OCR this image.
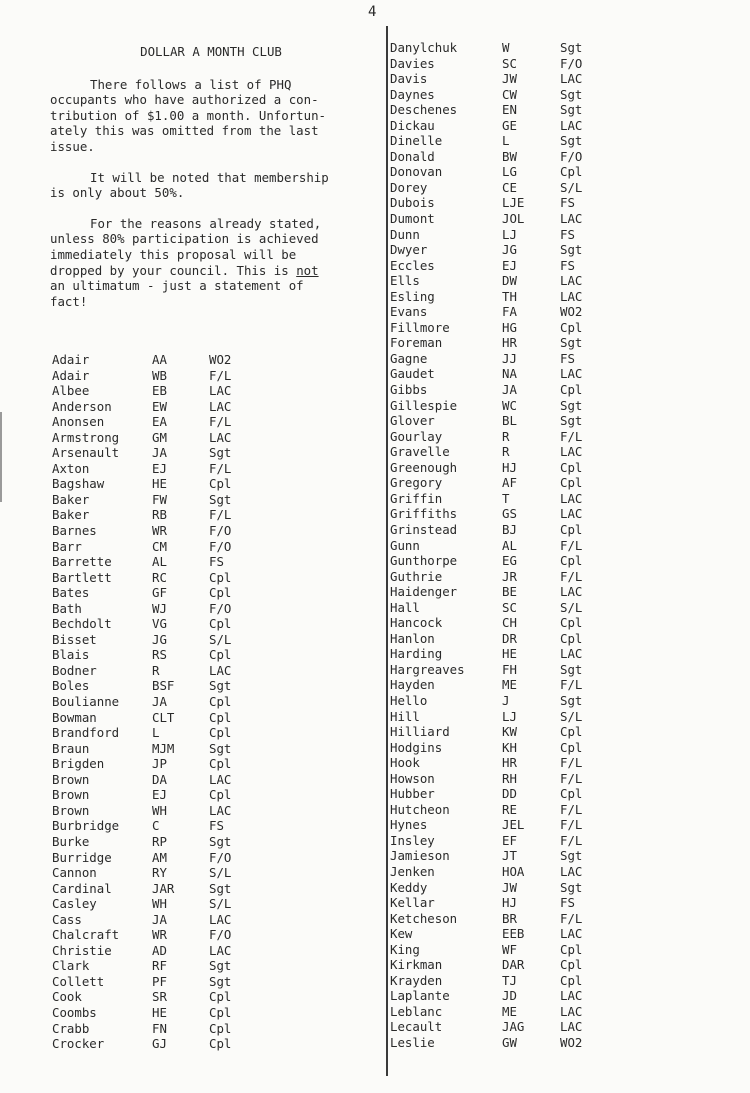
4
DOLLAR A MONTH CLUB
There follows a list of PHQ
occupants who have authorized a con-
tribution of $1.00 a month. Unfortun-
ately this was omitted from the last
issue.
It will be noted that membership
is only about 50%.
For the reasons already stated,
unless 80% participation is achieved
immediately this proposal will be
dropped by your council. This is not
an ultimatum - just a statement of
fact!
Adair	AA	WO2
Adair	WB	F/L
Albee	EB	LAC
Anderson	EW	LAC
Anonsen	EA	F/L
Armstrong	GM	LAC
Arsenault	JA	Sgt
Axton	EJ	F/L
Bagshaw	HE	Cpl
Baker	FW	Sgt
Baker	RB	F/L
Barnes	WR	F/O
Barr	CM	F/O
Barrette	AL	FS
Bartlett	RC	Cpl
Bates	GF	Cpl
Bath	WJ	F/O
Bechdolt	VG	Cpl
Bisset	JG	S/L
Blais	RS	Cpl
Bodner	R	LAC
Boles	BSF	Sgt
Boulianne	JA	Cpl
Bowman	CLT	Cpl
Brandford	L	Cpl
Braun	MJM	Sgt
Brigden	JP	Cpl
Brown	DA	LAC
Brown	EJ	Cpl
Brown	WH	LAC
Burbridge	C	FS
Burke	RP	Sgt
Burridge	AM	F/O
Cannon	RY	S/L
Cardinal	JAR	Sgt
Casley	WH	S/L
Cass	JA	LAC
Chalcraft	WR	F/O
Christie	AD	LAC
Clark	RF	Sgt
Collett	PF	Sgt
Cook	SR	Cpl
Coombs	HE	Cpl
Crabb	FN	Cpl
Crocker	GJ	Cpl
Danylchuk	W	Sgt
Davies	SC	F/O
Davis	JW	LAC
Daynes	CW	Sgt
Deschenes	EN	Sgt
Dickau	GE	LAC
Dinelle	L	Sgt
Donald	BW	F/O
Donovan	LG	Cpl
Dorey	CE	S/L
Dubois	LJE	FS
Dumont	JOL	LAC
Dunn	LJ	FS
Dwyer	JG	Sgt
Eccles	EJ	FS
Ells	DW	LAC
Esling	TH	LAC
Evans	FA	WO2
Fillmore	HG	Cpl
Foreman	HR	Sgt
Gagne	JJ	FS
Gaudet	NA	LAC
Gibbs	JA	Cpl
Gillespie	WC	Sgt
Glover	BL	Sgt
Gourlay	R	F/L
Gravelle	R	LAC
Greenough	HJ	Cpl
Gregory	AF	Cpl
Griffin	T	LAC
Griffiths	GS	LAC
Grinstead	BJ	Cpl
Gunn	AL	F/L
Gunthorpe	EG	Cpl
Guthrie	JR	F/L
Haidenger	BE	LAC
Hall	SC	S/L
Hancock	CH	Cpl
Hanlon	DR	Cpl
Harding	HE	LAC
Hargreaves	FH	Sgt
Hayden	ME	F/L
Hello	J	Sgt
Hill	LJ	S/L
Hilliard	KW	Cpl
Hodgins	KH	Cpl
Hook	HR	F/L
Howson	RH	F/L
Hubber	DD	Cpl
Hutcheon	RE	F/L
Hynes	JEL	F/L
Insley	EF	F/L
Jamieson	JT	Sgt
Jenken	HOA	LAC
Keddy	JW	Sgt
Kellar	HJ	FS
Ketcheson	BR	F/L
Kew	EEB	LAC
King	WF	Cpl
Kirkman	DAR	Cpl
Krayden	TJ	Cpl
Laplante	JD	LAC
Leblanc	ME	LAC
Lecault	JAG	LAC
Leslie	GW	WO2
